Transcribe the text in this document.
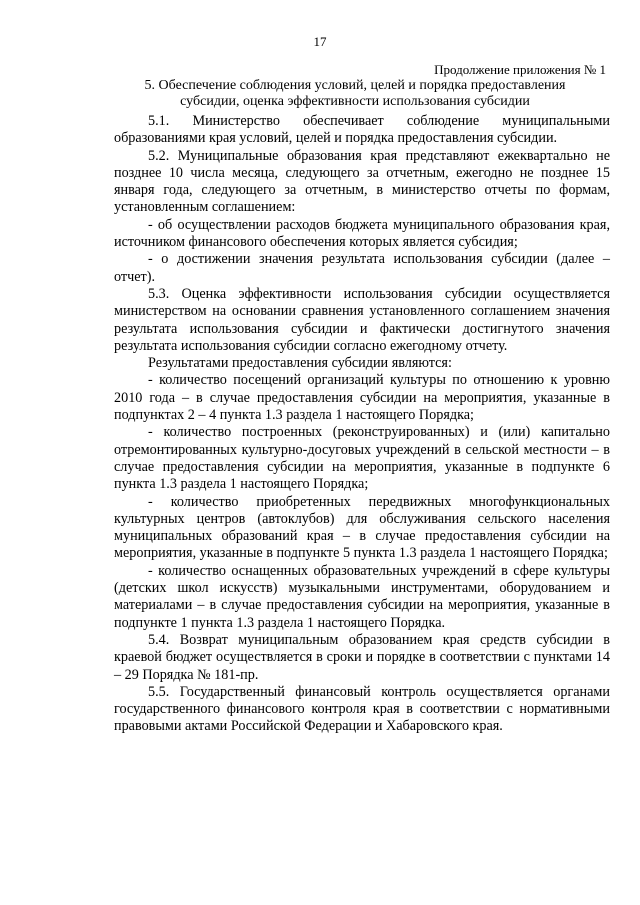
17
Продолжение приложения № 1
5. Обеспечение соблюдения условий, целей и порядка предоставления
субсидии, оценка эффективности использования субсидии

5.1. Министерство обеспечивает соблюдение муниципальными образованиями края условий, целей и порядка предоставления субсидии.

5.2. Муниципальные образования края представляют ежеквартально не позднее 10 числа месяца, следующего за отчетным, ежегодно не позднее 15 января года, следующего за отчетным, в министерство отчеты по формам, установленным соглашением:

- об осуществлении расходов бюджета муниципального образования края, источником финансового обеспечения которых является субсидия;

- о достижении значения результата использования субсидии (далее – отчет).

5.3. Оценка эффективности использования субсидии осуществляется министерством на основании сравнения установленного соглашением значения результата использования субсидии и фактически достигнутого значения результата использования субсидии согласно ежегодному отчету.

Результатами предоставления субсидии являются:

- количество посещений организаций культуры по отношению к уровню 2010 года – в случае предоставления субсидии на мероприятия, указанные в подпунктах 2 – 4 пункта 1.3 раздела 1 настоящего Порядка;

- количество построенных (реконструированных) и (или) капитально отремонтированных культурно-досуговых учреждений в сельской местности – в случае предоставления субсидии на мероприятия, указанные в подпункте 6 пункта 1.3 раздела 1 настоящего Порядка;

- количество приобретенных передвижных многофункциональных культурных центров (автоклубов) для обслуживания сельского населения муниципальных образований края – в случае предоставления субсидии на мероприятия, указанные в подпункте 5 пункта 1.3 раздела 1 настоящего Порядка;

- количество оснащенных образовательных учреждений в сфере культуры (детских школ искусств) музыкальными инструментами, оборудованием и материалами – в случае предоставления субсидии на мероприятия, указанные в подпункте 1 пункта 1.3 раздела 1 настоящего Порядка.

5.4. Возврат муниципальным образованием края средств субсидии в краевой бюджет осуществляется в сроки и порядке в соответствии с пунктами 14 – 29 Порядка № 181-пр.

5.5. Государственный финансовый контроль осуществляется органами государственного финансового контроля края в соответствии с нормативными правовыми актами Российской Федерации и Хабаровского края.
